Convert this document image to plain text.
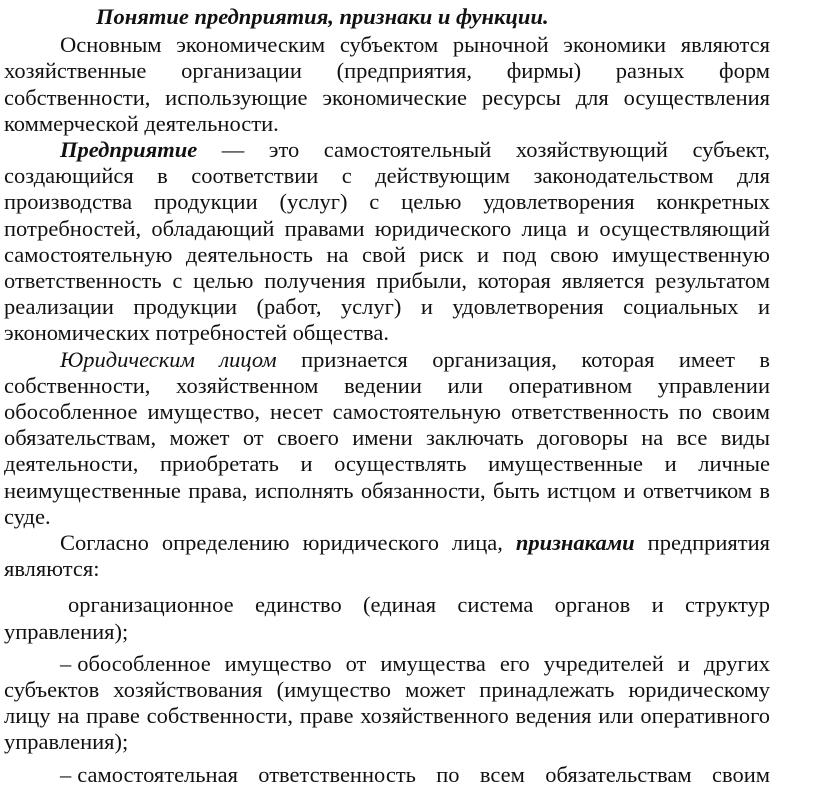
Понятие предприятия, признаки и функции.

Основным экономическим субъектом рыночной экономики являются хозяйственные организации (предприятия, фирмы) разных форм собственности, использующие экономические ресурсы для осуществления коммерческой деятельности.

Предприятие — это самостоятельный хозяйствующий субъект, создающийся в соответствии с действующим законодательством для производства продукции (услуг) с целью удовлетворения конкретных потребностей, обладающий правами юридического лица и осуществляющий самостоятельную деятельность на свой риск и под свою имущественную ответственность с целью получения прибыли, которая является результатом реализации продукции (работ, услуг) и удовлетворения социальных и экономических потребностей общества.

Юридическим лицом признается организация, которая имеет в собственности, хозяйственном ведении или оперативном управлении обособленное имущество, несет самостоятельную ответственность по своим обязательствам, может от своего имени заключать договоры на все виды деятельности, приобретать и осуществлять имущественные и личные неимущественные права, исполнять обязанности, быть истцом и ответчиком в суде.

Согласно определению юридического лица, признаками предприятия являются:

организационное единство (единая система органов и структур управления);

– обособленное имущество от имущества его учредителей и других субъектов хозяйствования (имущество может принадлежать юридическому лицу на праве собственности, праве хозяйственного ведения или оперативного управления);

– самостоятельная ответственность по всем обязательствам своим
